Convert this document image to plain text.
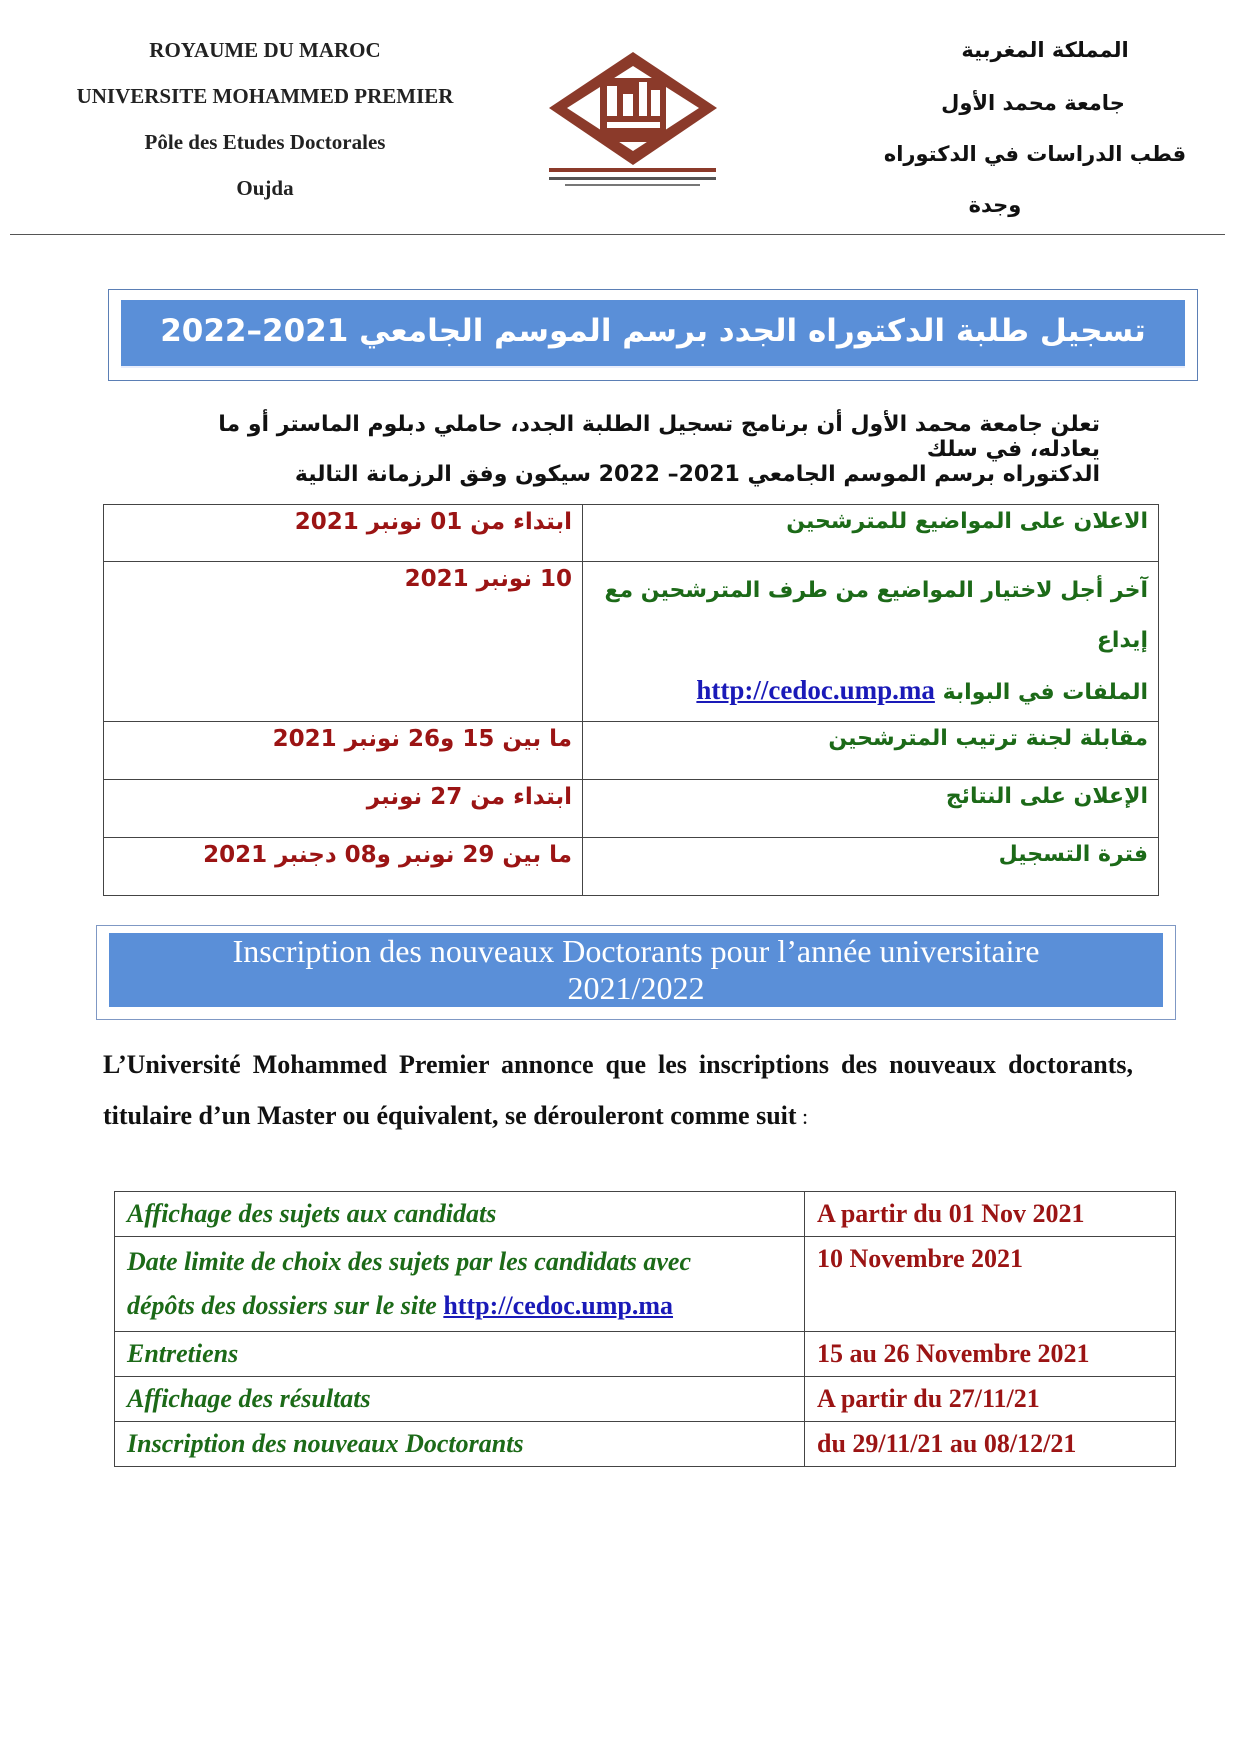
ROYAUME DU MAROC
UNIVERSITE MOHAMMED PREMIER
Pôle des Etudes Doctorales
Oujda
المملكة المغربية
جامعة محمد الأول
قطب الدراسات في الدكتوراه
وجدة
تسجيل طلبة الدكتوراه الجدد برسم الموسم الجامعي 2021–2022
تعلن جامعة محمد الأول أن برنامج تسجيل الطلبة الجدد، حاملي دبلوم الماستر أو ما يعادله، في سلك
الدكتوراه برسم الموسم الجامعي 2021– 2022 سيكون وفق الرزمانة التالية
الاعلان على المواضيع للمترشحين	ابتداء من 01 نونبر 2021

آخر أجل لاختيار المواضيع من طرف المترشحين مع إيداع
الملفات في البوابة http://cedoc.ump.ma	10 نونبر 2021
مقابلة لجنة ترتيب المترشحين	ما بين 15 و26 نونبر 2021
الإعلان على النتائج	ابتداء من 27 نونبر
فترة التسجيل	ما بين 29 نونبر و08 دجنبر 2021
Inscription des nouveaux Doctorants pour l’année universitaire
2021/2022
L’Université Mohammed Premier annonce que les inscriptions des nouveaux doctorants, titulaire d’un Master ou équivalent, se dérouleront comme suit :
Affichage des sujets aux candidats	A partir du 01 Nov 2021

Date limite de choix des sujets par les candidats avec
dépôts des dossiers sur le site http://cedoc.ump.ma	10 Novembre 2021
Entretiens	15 au 26 Novembre 2021
Affichage des résultats	A partir du 27/11/21
Inscription des nouveaux Doctorants	du 29/11/21 au 08/12/21
